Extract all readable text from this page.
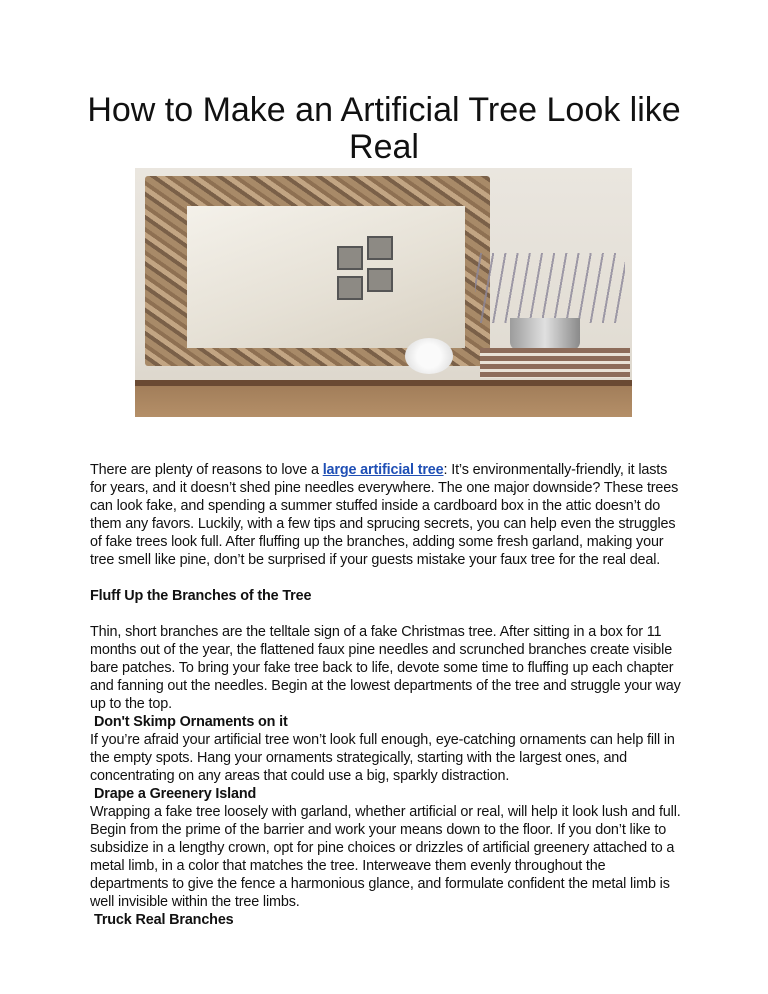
How to Make an Artificial Tree Look like Real

There are plenty of reasons to love a large artificial tree: It’s environmentally-friendly, it lasts for years, and it doesn’t shed pine needles everywhere. The one major downside? These trees can look fake, and spending a summer stuffed inside a cardboard box in the attic doesn’t do them any favors. Luckily, with a few tips and sprucing secrets, you can help even the struggles of fake trees look full. After fluffing up the branches, adding some fresh garland, making your tree smell like pine, don’t be surprised if your guests mistake your faux tree for the real deal.

Fluff Up the Branches of the Tree

Thin, short branches are the telltale sign of a fake Christmas tree. After sitting in a box for 11 months out of the year, the flattened faux pine needles and scrunched branches create visible bare patches. To bring your fake tree back to life, devote some time to fluffing up each chapter and fanning out the needles. Begin at the lowest departments of the tree and struggle your way up to the top.

Don't Skimp Ornaments on it

If you’re afraid your artificial tree won’t look full enough, eye-catching ornaments can help fill in the empty spots. Hang your ornaments strategically, starting with the largest ones, and concentrating on any areas that could use a big, sparkly distraction.

Drape a Greenery Island

Wrapping a fake tree loosely with garland, whether artificial or real, will help it look lush and full. Begin from the prime of the barrier and work your means down to the floor. If you don’t like to subsidize in a lengthy crown, opt for pine choices or drizzles of artificial greenery attached to a metal limb, in a color that matches the tree. Interweave them evenly throughout the departments to give the fence a harmonious glance, and formulate confident the metal limb is well invisible within the tree limbs.

Truck Real Branches
